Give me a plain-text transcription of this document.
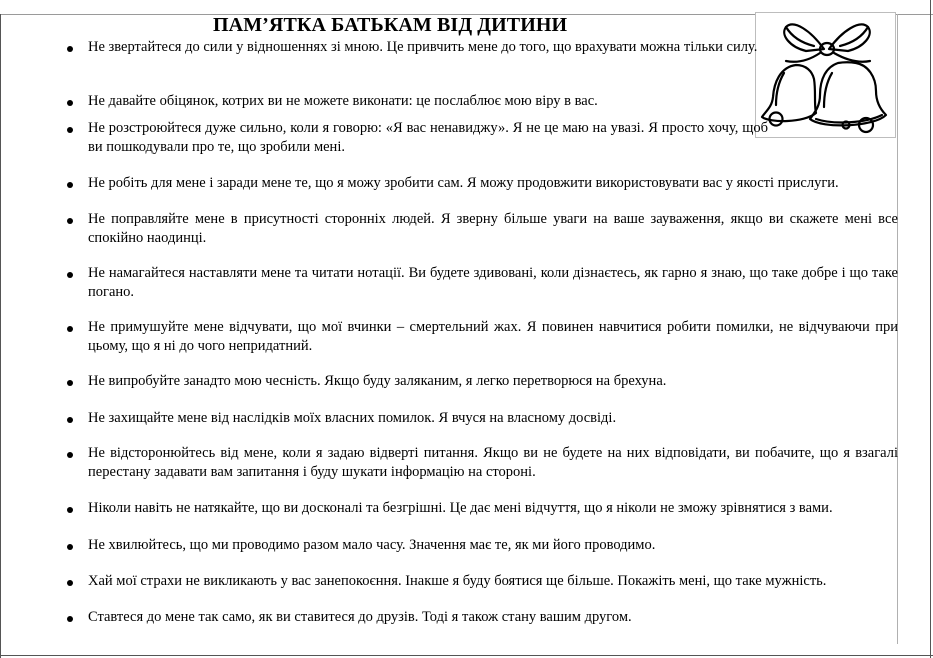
ПАМ’ЯТКА БАТЬКАМ ВІД ДИТИНИ
Не звертайтеся до сили у відношеннях зі мною. Це привчить мене до того, що врахувати можна тільки силу.
Не давайте обіцянок, котрих ви не можете виконати: це послаблює мою віру в вас.
Не розстроюйтеся дуже сильно, коли я говорю: «Я вас ненавиджу». Я не це маю на увазі. Я просто хочу, щоб ви пошкодували про те, що зробили мені.
Не робіть для мене і заради мене те, що я можу зробити сам. Я можу продовжити використовувати вас у якості прислуги.
Не поправляйте мене в присутності сторонніх людей. Я зверну більше уваги на ваше зауваження, якщо ви скажете мені все спокійно наодинці.
Не намагайтеся наставляти мене та читати нотації. Ви будете здивовані, коли дізнаєтесь, як гарно я знаю, що таке добре і що таке погано.
Не примушуйте мене відчувати, що мої вчинки – смертельний жах. Я повинен навчитися робити помилки, не відчуваючи при цьому, що я ні до чого непридатний.
Не випробуйте занадто мою чесність. Якщо буду заляканим, я легко перетворюся на брехуна.
Не захищайте мене від наслідків моїх власних помилок. Я вчуся на власному досвіді.
Не відсторонюйтесь від мене, коли я задаю відверті питання. Якщо ви не будете на них відповідати, ви побачите, що я взагалі перестану задавати вам запитання і буду шукати інформацію на стороні.
Ніколи навіть не натякайте, що ви досконалі та безгрішні. Це дає мені відчуття, що я ніколи не зможу зрівнятися з вами.
Не хвилюйтесь, що ми проводимо разом мало часу. Значення має те, як ми його проводимо.
Хай мої страхи не викликають у вас занепокоєння. Інакше я буду боятися ще більше. Покажіть мені, що таке мужність.
Ставтеся до мене так само, як ви ставитеся до друзів. Тоді я також стану вашим другом.
